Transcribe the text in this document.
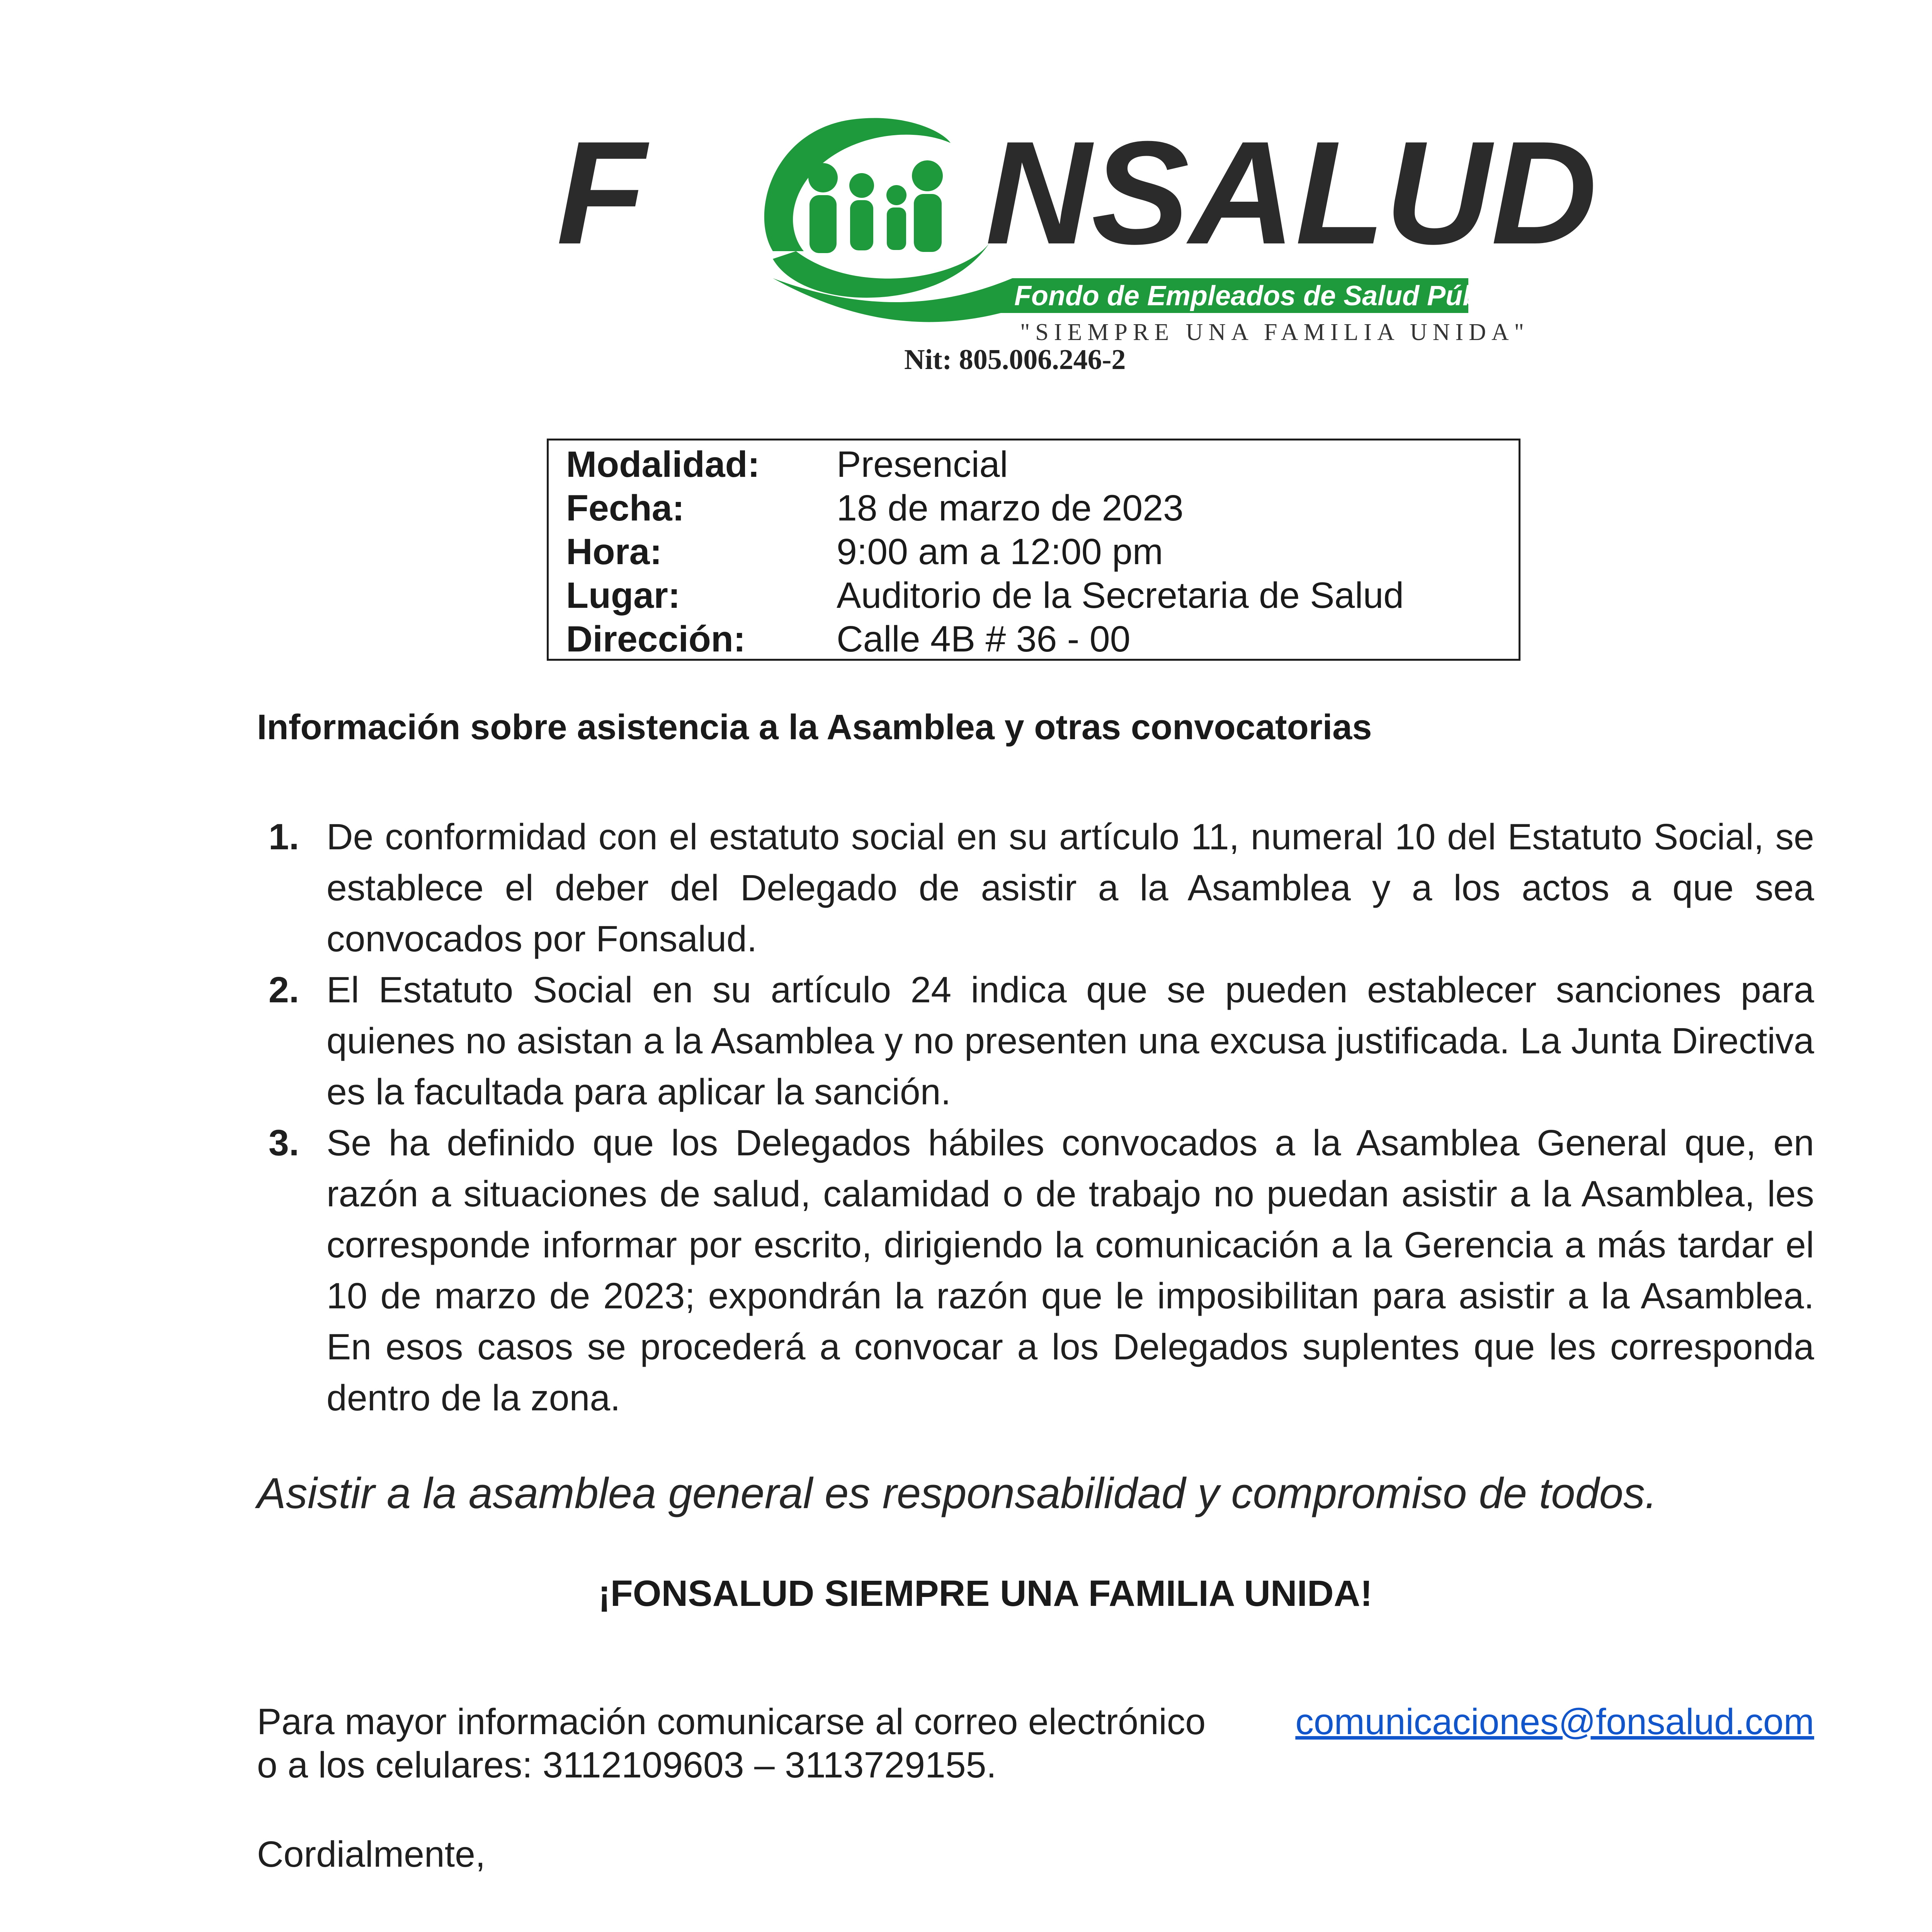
F NSALUD
Fondo de Empleados de Salud Pública Municipal
"SIEMPRE UNA FAMILIA UNIDA"
Nit: 805.006.246-2
Modalidad:	Presencial
Fecha:	18 de marzo de 2023
Hora:	9:00 am a 12:00 pm
Lugar:	Auditorio de la Secretaria de Salud
Dirección:	Calle 4B # 36 - 00
Información sobre asistencia a la Asamblea y otras convocatorias
1. De conformidad con el estatuto social en su artículo 11, numeral 10 del Estatuto Social, se establece el deber del Delegado de asistir a la Asamblea y a los actos a que sea convocados por Fonsalud.

2. El Estatuto Social en su artículo 24 indica que se pueden establecer sanciones para quienes no asistan a la Asamblea y no presenten una excusa justificada. La Junta Directiva es la facultada para aplicar la sanción.

3. Se ha definido que los Delegados hábiles convocados a la Asamblea General que, en razón a situaciones de salud, calamidad o de trabajo no puedan asistir a la Asamblea, les corresponde informar por escrito, dirigiendo la comunicación a la Gerencia a más tardar el 10 de marzo de 2023; expondrán la razón que le imposibilitan para asistir a la Asamblea. En esos casos se procederá a convocar a los Delegados suplentes que les corresponda dentro de la zona.

Asistir a la asamblea general es responsabilidad y compromiso de todos.
¡FONSALUD SIEMPRE UNA FAMILIA UNIDA!
Para mayor información comunicarse al correo electrónico comunicaciones@fonsalud.com
o a los celulares: 3112109603 – 3113729155.
Cordialmente,
